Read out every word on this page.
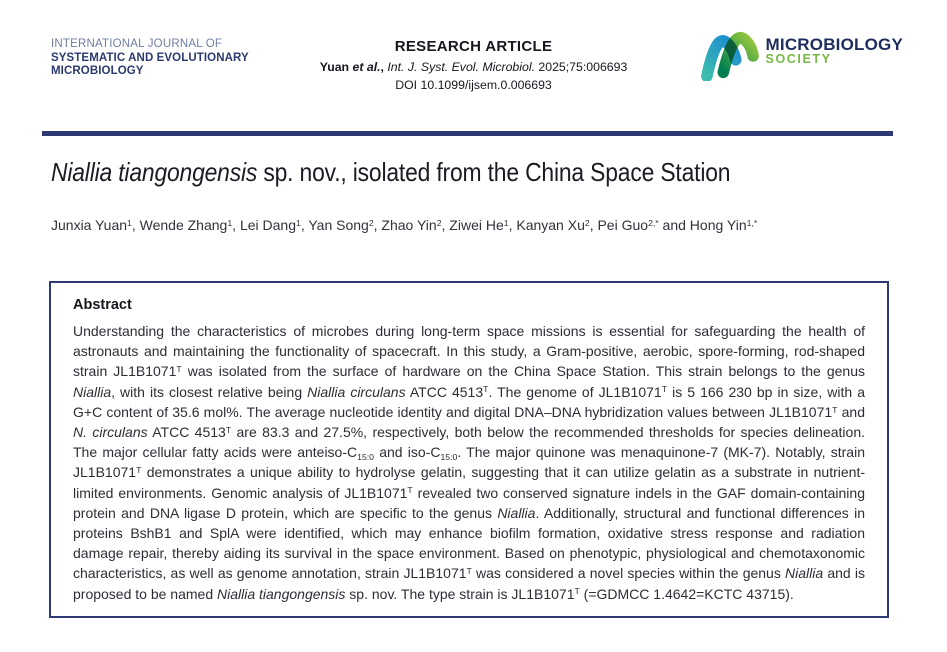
INTERNATIONAL JOURNAL OF
SYSTEMATIC AND EVOLUTIONARY
MICROBIOLOGY
RESEARCH ARTICLE
Yuan et al., Int. J. Syst. Evol. Microbiol. 2025;75:006693
DOI 10.1099/ijsem.0.006693
MICROBIOLOGY
SOCIETY
Niallia tiangongensis sp. nov., isolated from the China Space Station
Junxia Yuan$^1$, Wende Zhang$^1$, Lei Dang$^1$, Yan Song$^2$, Zhao Yin$^2$, Ziwei He$^1$, Kanyan Xu$^2$, Pei Guo$^{2,*}$ and Hong Yin$^{1,*}$
Abstract

Understanding the characteristics of microbes during long-term space missions is essential for safeguarding the health of astronauts and maintaining the functionality of spacecraft. In this study, a Gram-positive, aerobic, spore-forming, rod-shaped strain $JL1B1071^T$ was isolated from the surface of hardware on the China Space Station. This strain belongs to the genus Niallia, with its closest relative being Niallia circulans ATCC $4513^T$. The genome of $JL1B1071^T$ is 5 166 230 bp in size, with a G+C content of 35.6 mol%. The average nucleotide identity and digital DNA–DNA hybridization values between $JL1B1071^T$ and N. circulans ATCC $4513^T$ are 83.3 and 27.5%, respectively, both below the recommended thresholds for species delineation. The major cellular fatty acids were anteiso-C15:0 and iso-C15:0. The major quinone was menaquinone-7 (MK-7). Notably, strain $JL1B1071^T$ demonstrates a unique ability to hydrolyse gelatin, suggesting that it can utilize gelatin as a substrate in nutrient-limited environments. Genomic analysis of $JL1B1071^T$ revealed two conserved signature indels in the GAF domain-containing protein and DNA ligase D protein, which are specific to the genus Niallia. Additionally, structural and functional differences in proteins BshB1 and SplA were identified, which may enhance biofilm formation, oxidative stress response and radiation damage repair, thereby aiding its survival in the space environment. Based on phenotypic, physiological and chemotaxonomic characteristics, as well as genome annotation, strain $JL1B1071^T$ was considered a novel species within the genus Niallia and is proposed to be named Niallia tiangongensis sp. nov. The type strain is $JL1B1071^T$ (=GDMCC 1.4642=KCTC 43715).
